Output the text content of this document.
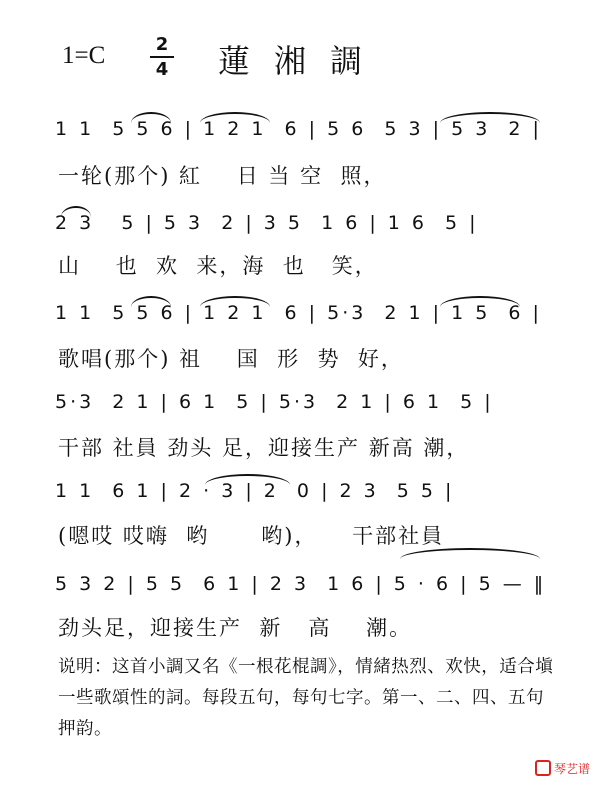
$1=C \frac{2}{4}$ 蓮湘調
1 1  5 5 6 | 1 2 1  6 | 5 6  5 3 | 5 3  2 |
一轮(那个) 紅    日 当 空  照，
2 3   5 | 5 3  2 | 3 5  1 6 | 1 6  5 |
山    也  欢  来，海  也   笑，
1 1  5 5 6 | 1 2 1  6 | 5·3  2 1 | 1 5  6 |
歌唱(那个) 祖    国  形  势  好，
5·3  2 1 | 6 1  5 | 5·3  2 1 | 6 1  5 |
干部 社員 劲头 足，迎接生产 新高 潮，
1 1  6 1 | 2 · 3 | 2  0 | 2 3  5 5 |
(嗯哎 哎嗨  哟      哟)，    干部社員
5 3 2 | 5 5  6 1 | 2 3  1 6 | 5 · 6 | 5 — ‖
劲头足，迎接生产  新   高    潮。
说明：这首小調又名《一根花棍調》，情緒热烈、欢快，适合塡一些歌頌性的詞。每段五句，每句七字。第一、二、四、五句押韵。
琴艺谱
